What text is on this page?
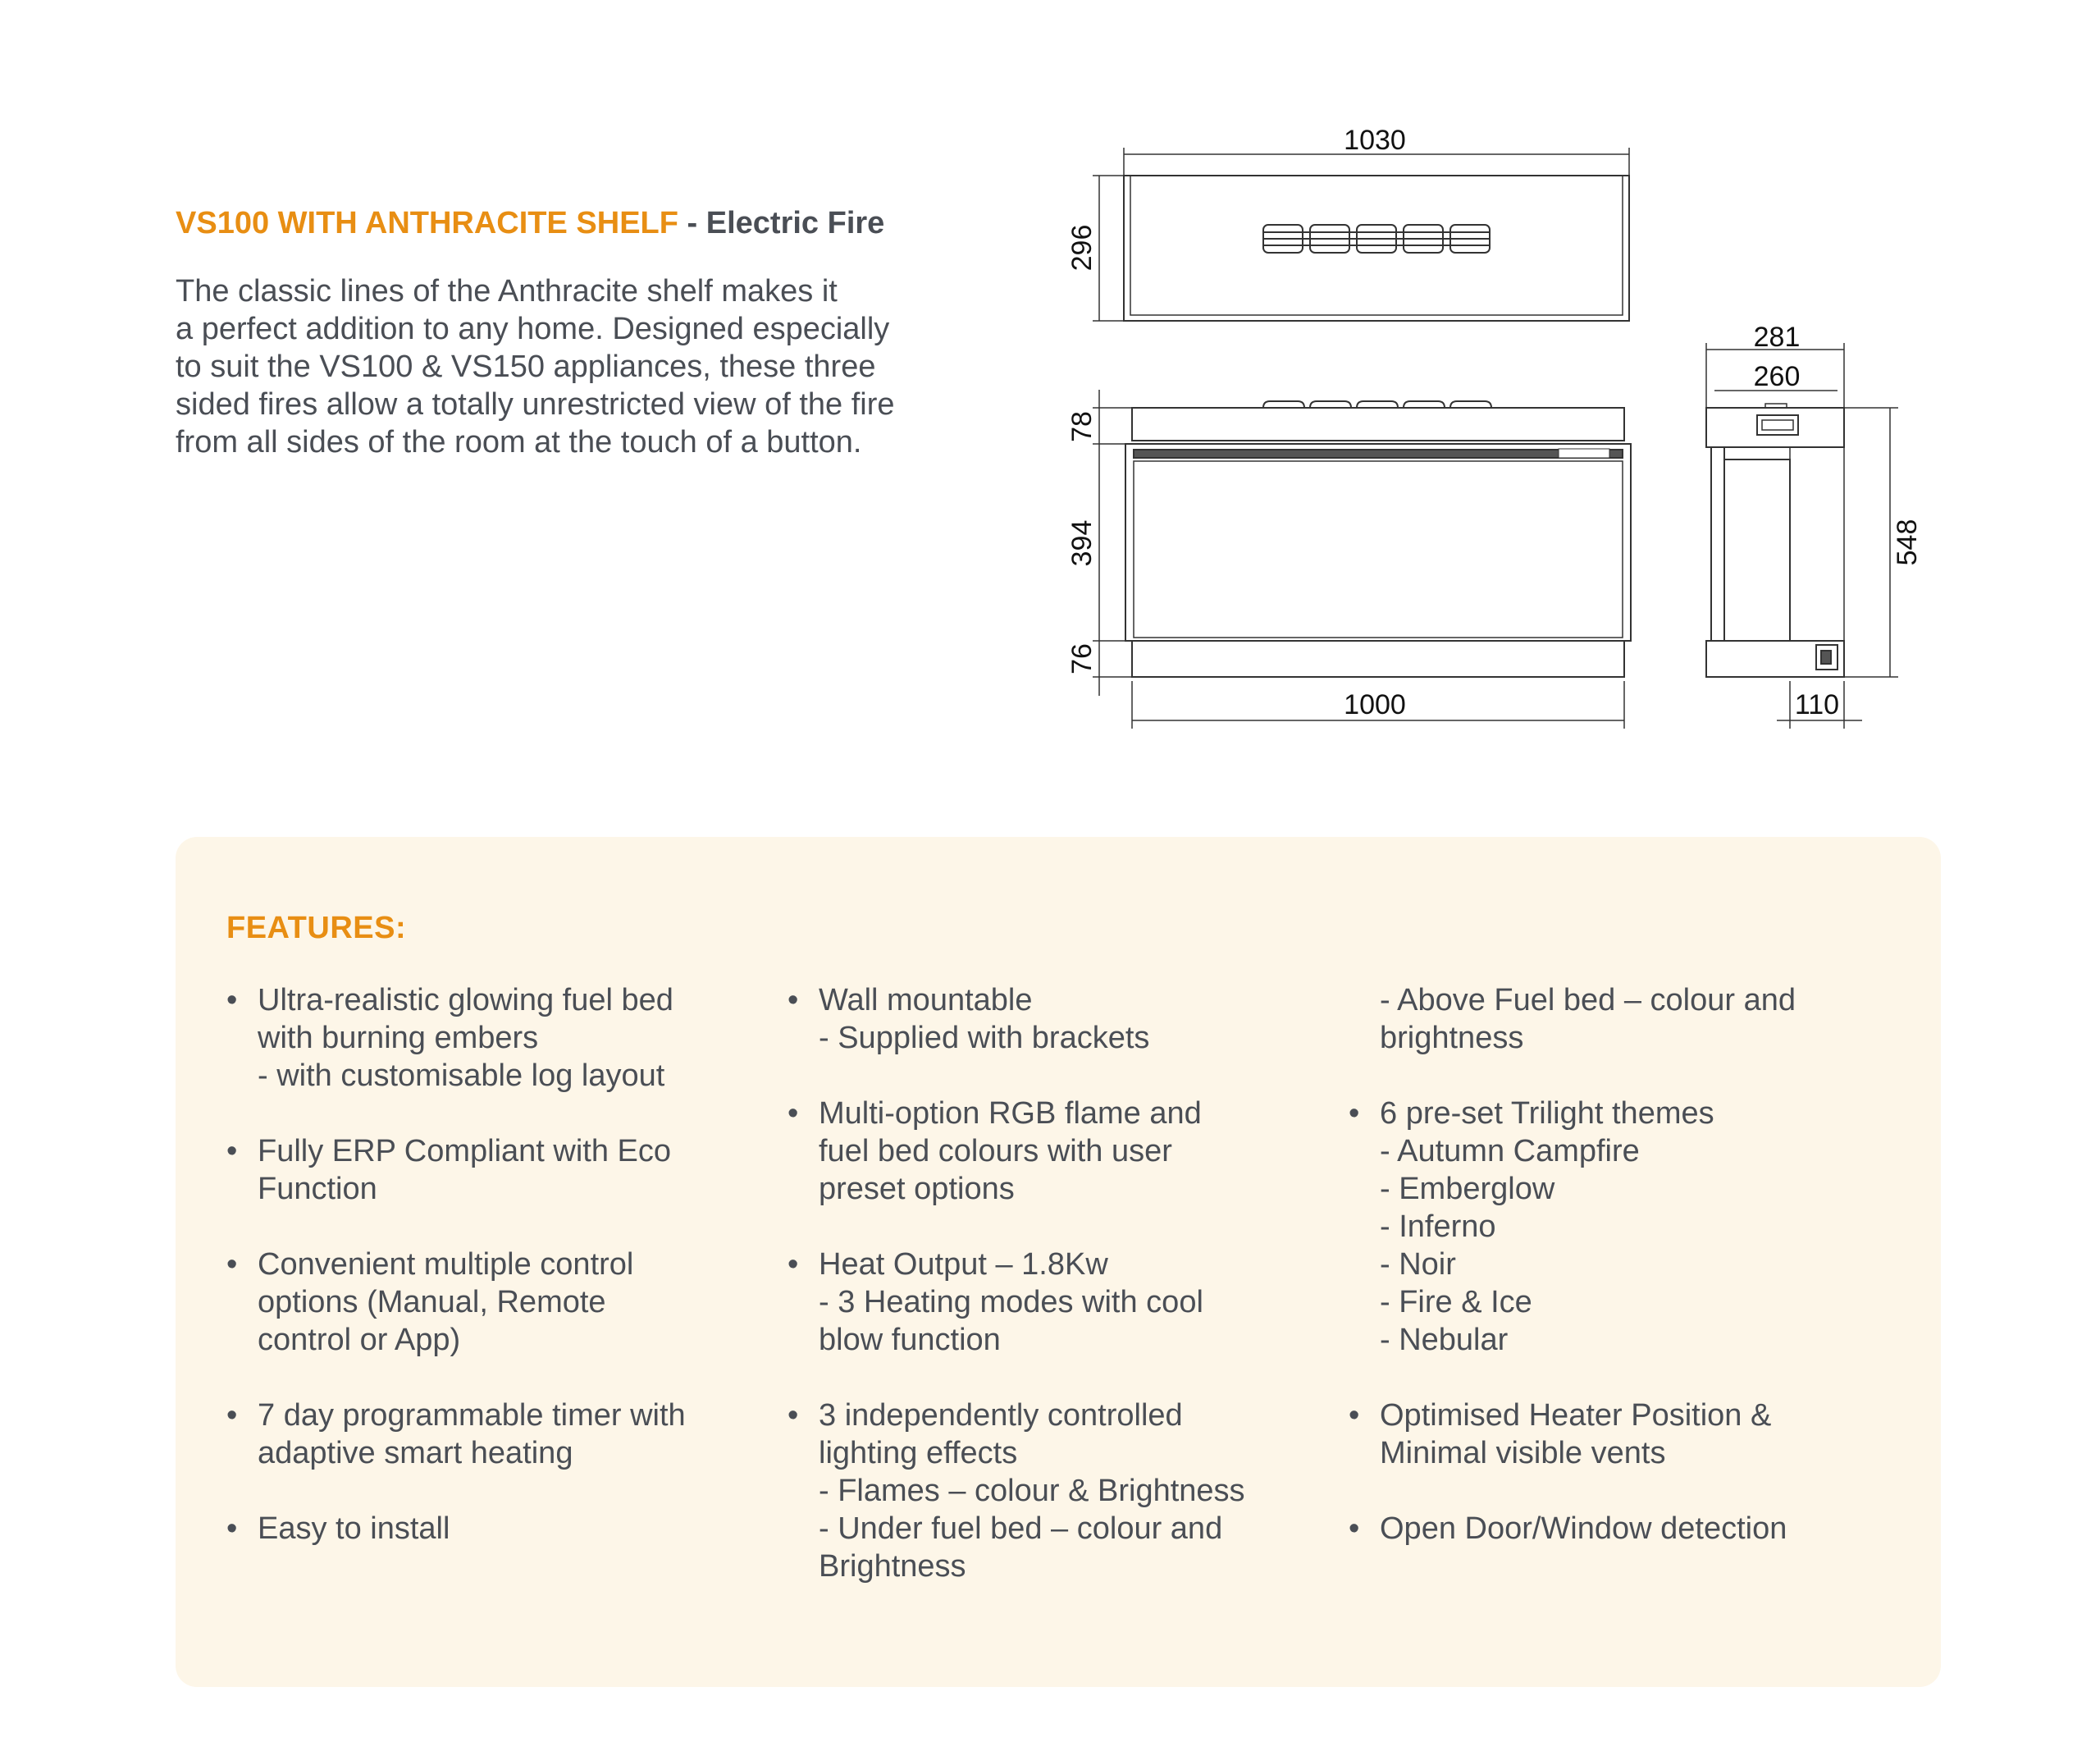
VS100 WITH ANTHRACITE SHELF - Electric Fire

The classic lines of the Anthracite shelf makes it
a perfect addition to any home. Designed especially
to suit the VS100 & VS150 appliances, these three
sided fires allow a totally unrestricted view of the fire
from all sides of the room at the touch of a button.

1030
296
78
394
76
1000
281
260
548
110
FEATURES:
• Ultra-realistic glowing fuel bed
with burning embers
- with customisable log layout
• Fully ERP Compliant with Eco
Function
• Convenient multiple control
options (Manual, Remote
control or App)
• 7 day programmable timer with
adaptive smart heating
• Easy to install
• Wall mountable
- Supplied with brackets
• Multi-option RGB flame and
fuel bed colours with user
preset options
• Heat Output – 1.8Kw
- 3 Heating modes with cool
blow function
• 3 independently controlled
lighting effects
- Flames – colour & Brightness
- Under fuel bed – colour and
Brightness
- Above Fuel bed – colour and
brightness
• 6 pre-set Trilight themes
- Autumn Campfire
- Emberglow
- Inferno
- Noir
- Fire & Ice
- Nebular
• Optimised Heater Position &
Minimal visible vents
• Open Door/Window detection
